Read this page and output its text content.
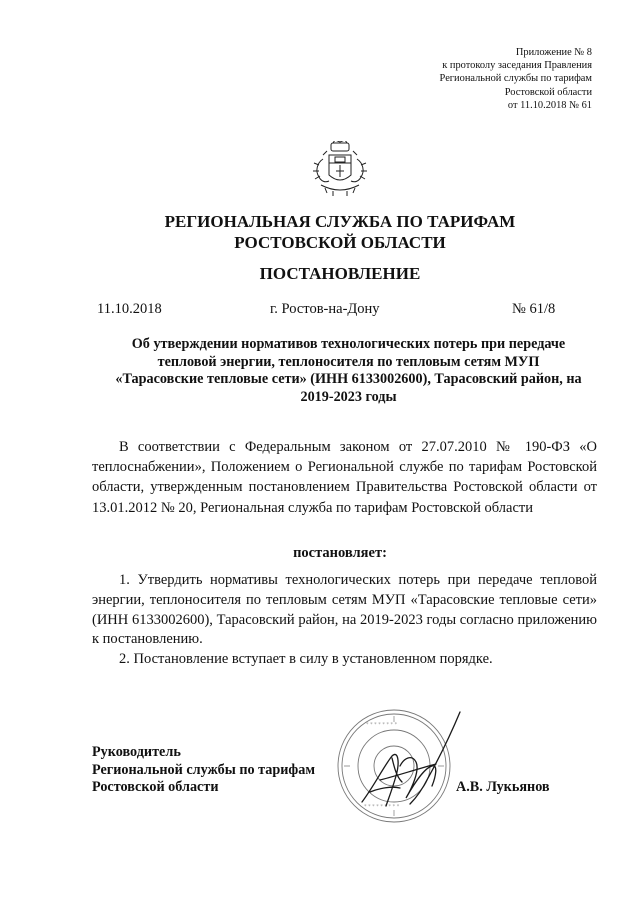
Приложение № 8
к протоколу заседания Правления
Региональной службы по тарифам
Ростовской области
от 11.10.2018 № 61
РЕГИОНАЛЬНАЯ СЛУЖБА ПО ТАРИФАМ
РОСТОВСКОЙ ОБЛАСТИ
ПОСТАНОВЛЕНИЕ
11.10.2018	г. Ростов-на-Дону	№ 61/8
Об утверждении нормативов технологических потерь при передаче
тепловой энергии, теплоносителя по тепловым сетям МУП
«Тарасовские тепловые сети» (ИНН 6133002600), Тарасовский район, на
2019-2023 годы
В соответствии с Федеральным законом от 27.07.2010 № 190-ФЗ «О теплоснабжении», Положением о Региональной службе по тарифам Ростовской области, утвержденным постановлением Правительства Ростовской области от 13.01.2012 № 20, Региональная служба по тарифам Ростовской области
постановляет:

1. Утвердить нормативы технологических потерь при передаче тепловой энергии, теплоносителя по тепловым сетям МУП «Тарасовские тепловые сети» (ИНН 6133002600), Тарасовский район, на 2019-2023 годы согласно приложению к постановлению.

2. Постановление вступает в силу в установленном порядке.

* * * * * * * *
* * * * * * * * *
Руководитель
Региональной службы по тарифам
Ростовской области	А.В. Лукьянов
